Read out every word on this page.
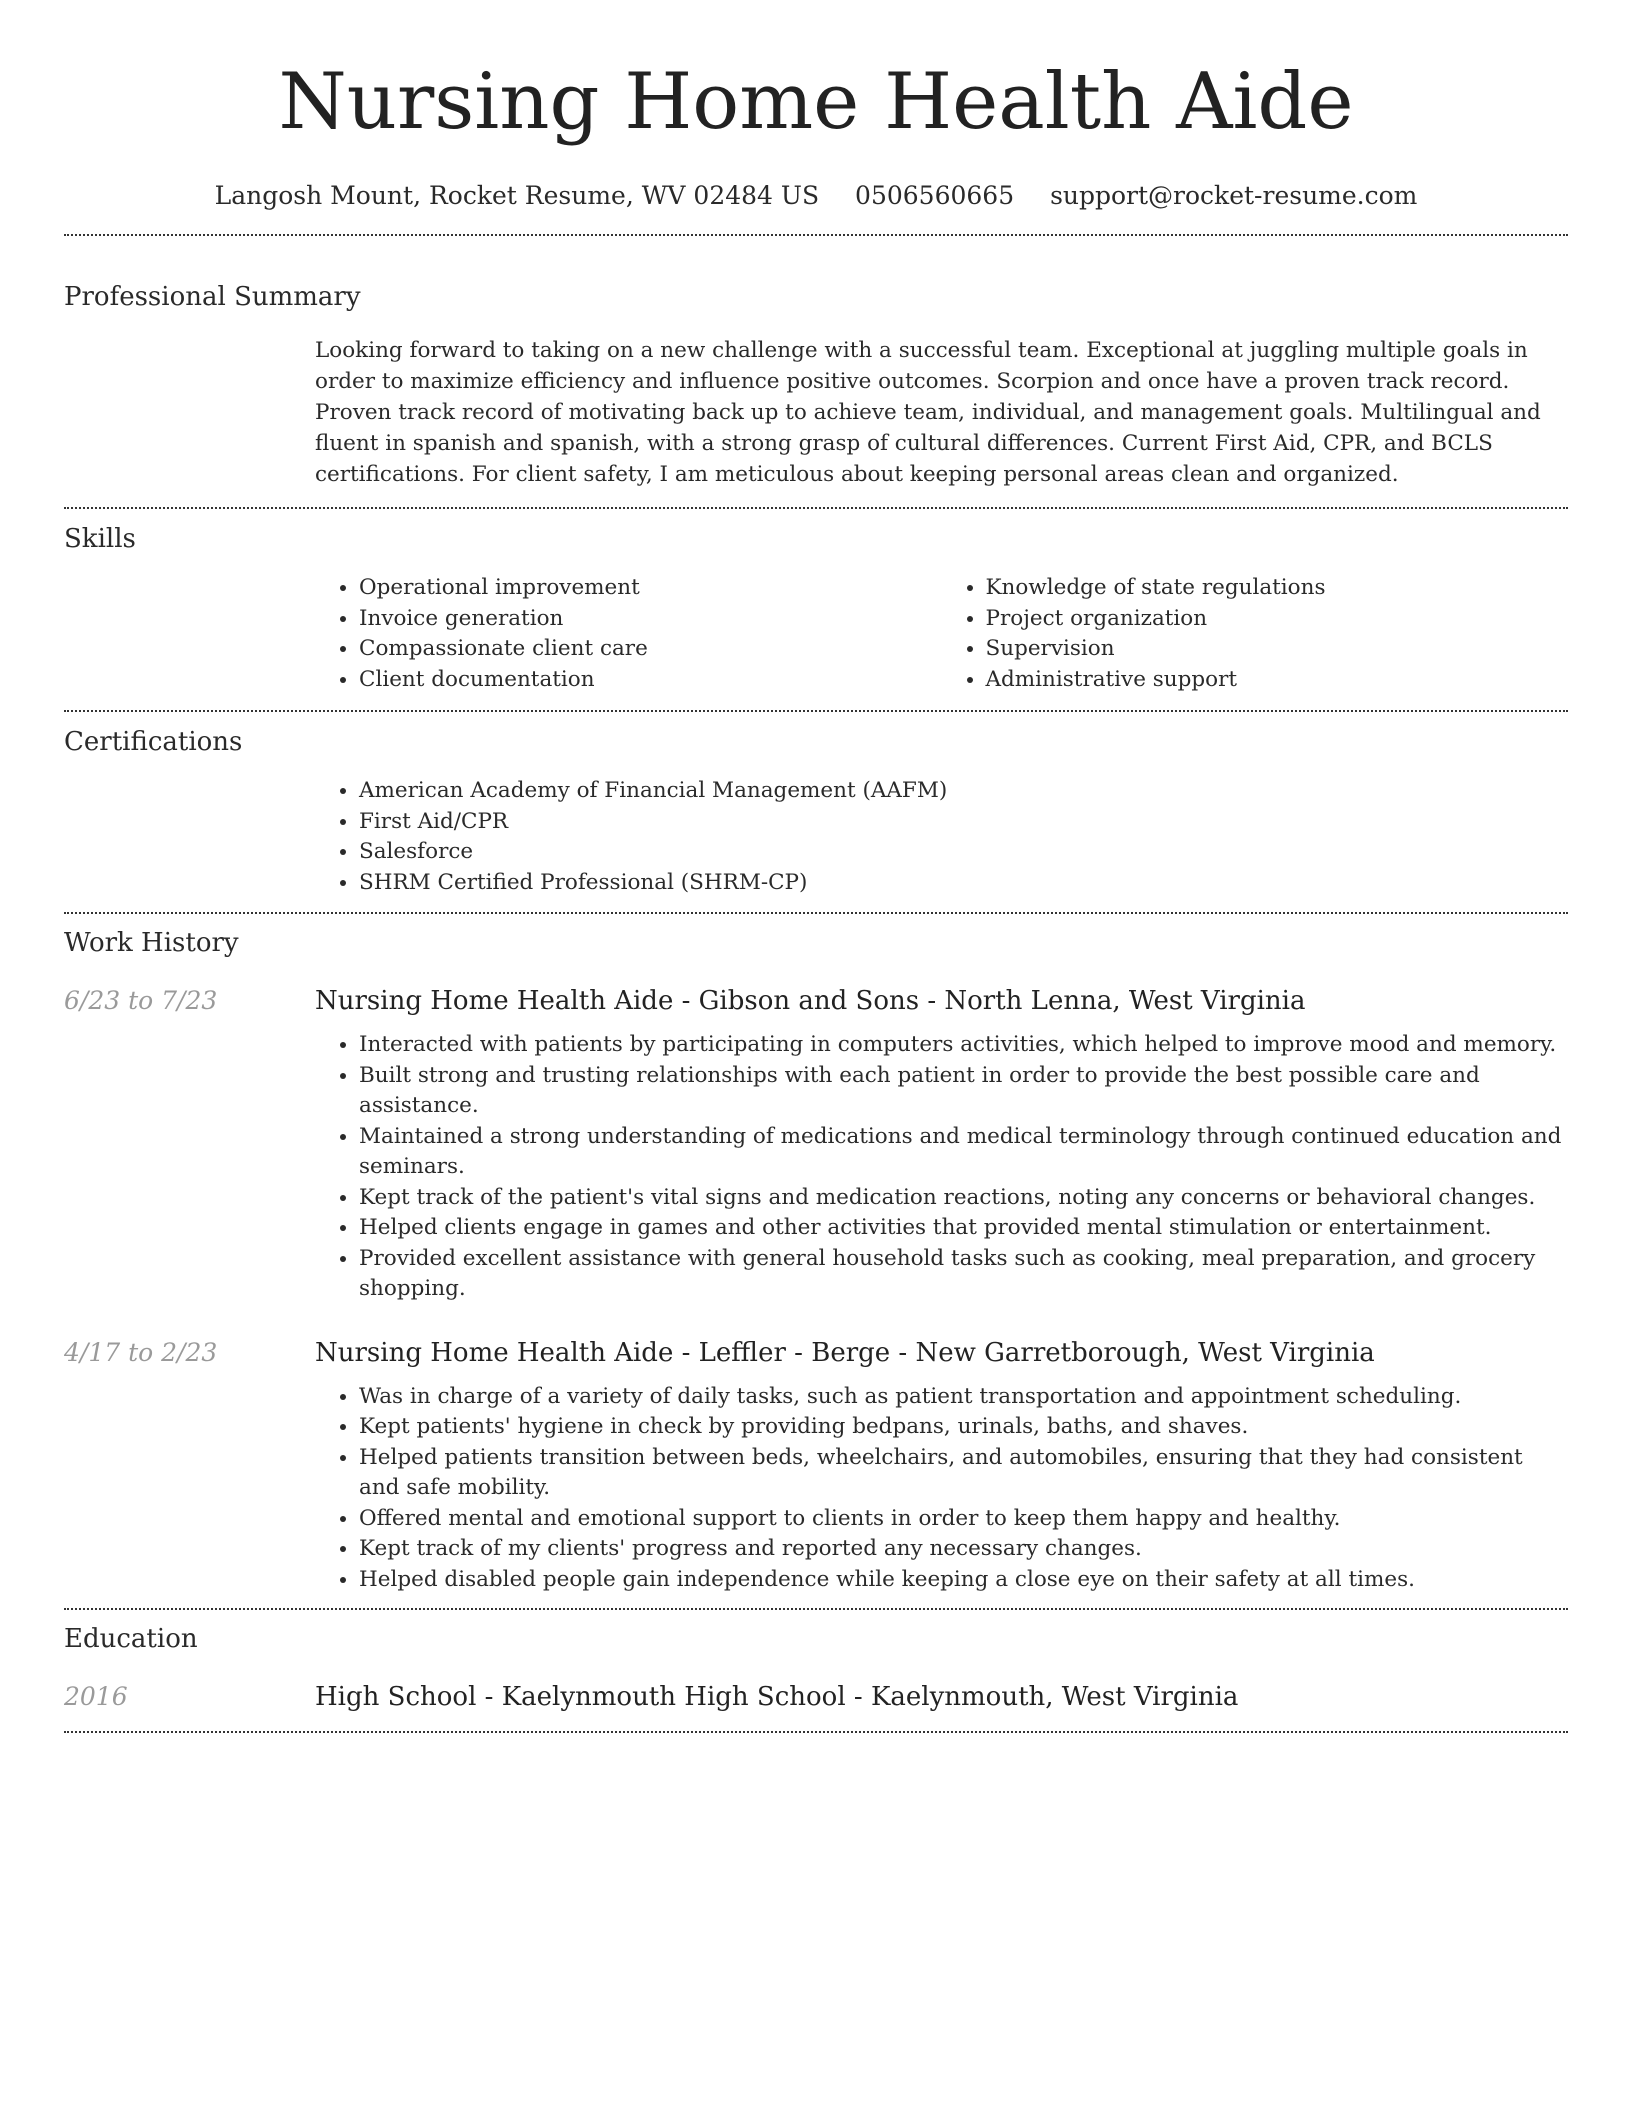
Nursing Home Health Aide
Langosh Mount, Rocket Resume, WV 02484 US 0506560665 support@rocket-resume.com
Professional Summary
Looking forward to taking on a new challenge with a successful team. Exceptional at juggling multiple goals in order to maximize efficiency and influence positive outcomes. Scorpion and once have a proven track record. Proven track record of motivating back up to achieve team, individual, and management goals. Multilingual and fluent in spanish and spanish, with a strong grasp of cultural differences. Current First Aid, CPR, and BCLS certifications. For client safety, I am meticulous about keeping personal areas clean and organized.
Skills
• Operational improvement
• Invoice generation
• Compassionate client care
• Client documentation
• Knowledge of state regulations
• Project organization
• Supervision
• Administrative support
Certifications
• American Academy of Financial Management (AAFM)
• First Aid/CPR
• Salesforce
• SHRM Certified Professional (SHRM-CP)
Work History
6/23 to 7/23	Nursing Home Health Aide - Gibson and Sons - North Lenna, West Virginia
• Interacted with patients by participating in computers activities, which helped to improve mood and memory.
• Built strong and trusting relationships with each patient in order to provide the best possible care and assistance.
• Maintained a strong understanding of medications and medical terminology through continued education and seminars.
• Kept track of the patient's vital signs and medication reactions, noting any concerns or behavioral changes.
• Helped clients engage in games and other activities that provided mental stimulation or entertainment.
• Provided excellent assistance with general household tasks such as cooking, meal preparation, and grocery shopping.
4/17 to 2/23	Nursing Home Health Aide - Leffler - Berge - New Garretborough, West Virginia
• Was in charge of a variety of daily tasks, such as patient transportation and appointment scheduling.
• Kept patients' hygiene in check by providing bedpans, urinals, baths, and shaves.
• Helped patients transition between beds, wheelchairs, and automobiles, ensuring that they had consistent and safe mobility.
• Offered mental and emotional support to clients in order to keep them happy and healthy.
• Kept track of my clients' progress and reported any necessary changes.
• Helped disabled people gain independence while keeping a close eye on their safety at all times.
Education
2016	High School - Kaelynmouth High School - Kaelynmouth, West Virginia
